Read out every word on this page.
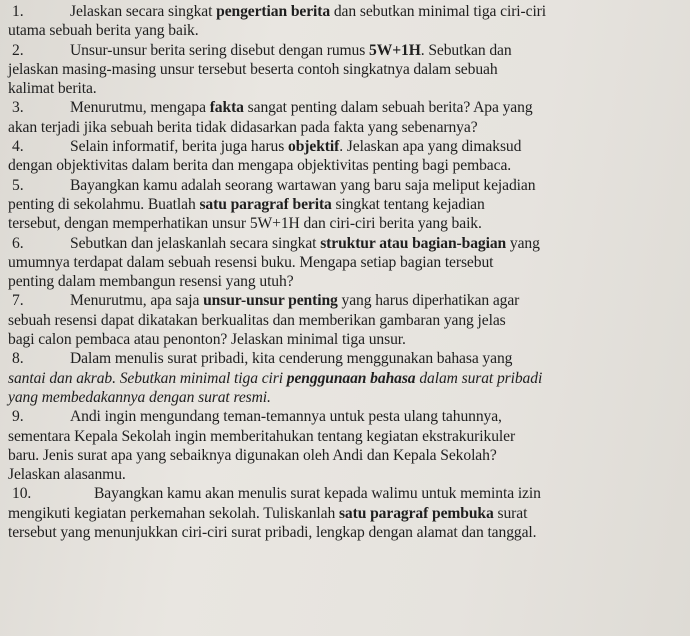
1.	Jelaskan secara singkat pengertian berita dan sebutkan minimal tiga ciri-ciri
utama sebuah berita yang baik.

2.	Unsur-unsur berita sering disebut dengan rumus 5W+1H. Sebutkan dan
jelaskan masing-masing unsur tersebut beserta contoh singkatnya dalam sebuah
kalimat berita.

3.	Menurutmu, mengapa fakta sangat penting dalam sebuah berita? Apa yang
akan terjadi jika sebuah berita tidak didasarkan pada fakta yang sebenarnya?

4.	Selain informatif, berita juga harus objektif. Jelaskan apa yang dimaksud
dengan objektivitas dalam berita dan mengapa objektivitas penting bagi pembaca.

5.	Bayangkan kamu adalah seorang wartawan yang baru saja meliput kejadian
penting di sekolahmu. Buatlah satu paragraf berita singkat tentang kejadian
tersebut, dengan memperhatikan unsur 5W+1H dan ciri-ciri berita yang baik.

6.	Sebutkan dan jelaskanlah secara singkat struktur atau bagian-bagian yang
umumnya terdapat dalam sebuah resensi buku. Mengapa setiap bagian tersebut
penting dalam membangun resensi yang utuh?

7.	Menurutmu, apa saja unsur-unsur penting yang harus diperhatikan agar
sebuah resensi dapat dikatakan berkualitas dan memberikan gambaran yang jelas
bagi calon pembaca atau penonton? Jelaskan minimal tiga unsur.

8.	Dalam menulis surat pribadi, kita cenderung menggunakan bahasa yang
santai dan akrab. Sebutkan minimal tiga ciri penggunaan bahasa dalam surat pribadi
yang membedakannya dengan surat resmi.

9.	Andi ingin mengundang teman-temannya untuk pesta ulang tahunnya,
sementara Kepala Sekolah ingin memberitahukan tentang kegiatan ekstrakurikuler
baru. Jenis surat apa yang sebaiknya digunakan oleh Andi dan Kepala Sekolah?
Jelaskan alasanmu.

10.	Bayangkan kamu akan menulis surat kepada walimu untuk meminta izin
mengikuti kegiatan perkemahan sekolah. Tuliskanlah satu paragraf pembuka surat
tersebut yang menunjukkan ciri-ciri surat pribadi, lengkap dengan alamat dan tanggal.
